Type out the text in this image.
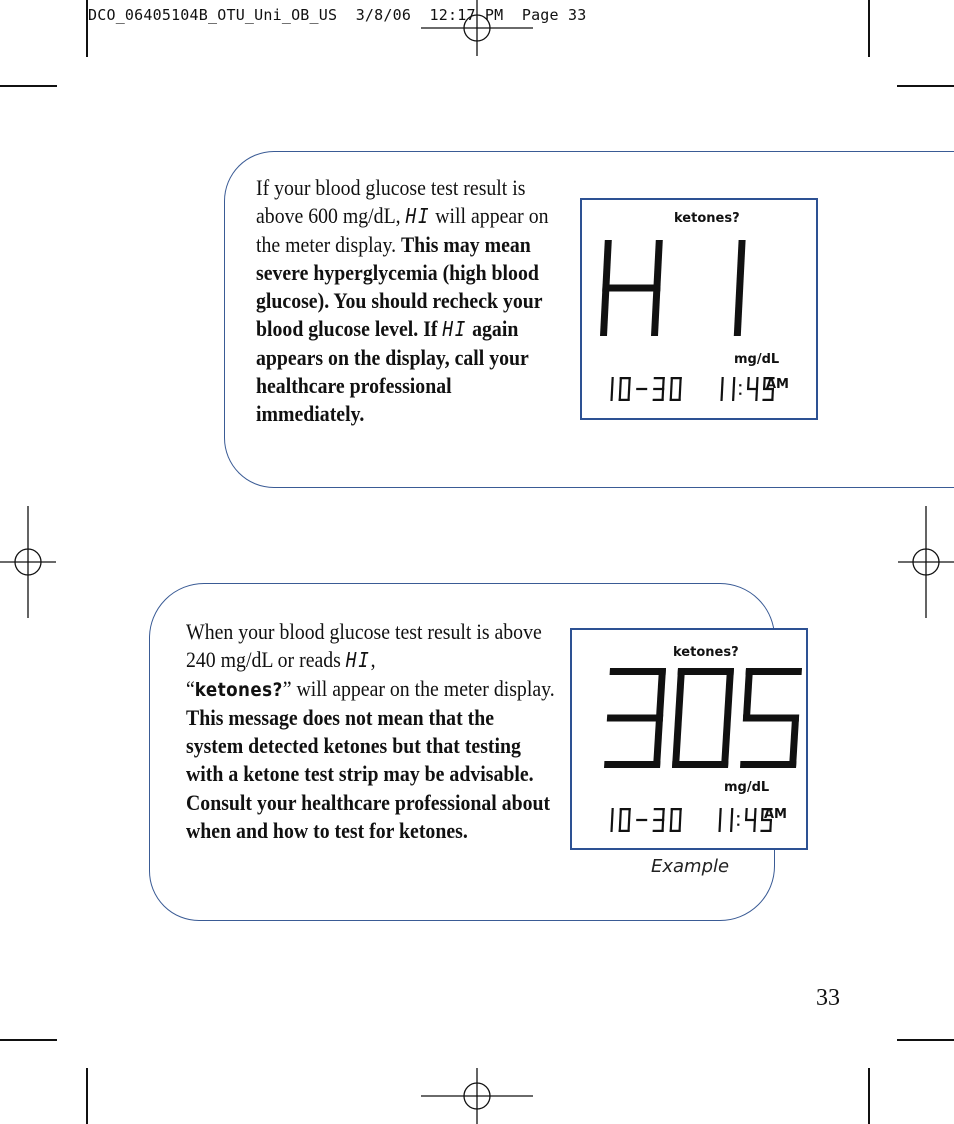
DCO_06405104B_OTU_Uni_OB_US  3/8/06  12:17 PM  Page 33
If your blood glucose test result is above 600 mg/dL, HI will appear on the meter display. This may mean severe hyperglycemia (high blood glucose). You should recheck your blood glucose level. If HI again appears on the display, call your healthcare professional immediately.
ketones?
mg/dL
AM
When your blood glucose test result is above 240 mg/dL or reads HI,
“ketones?” will appear on the meter display. This message does not mean that the system detected ketones but that testing with a ketone test strip may be advisable. Consult your healthcare professional about when and how to test for ketones.
ketones?
mg/dL
AM
Example
33
